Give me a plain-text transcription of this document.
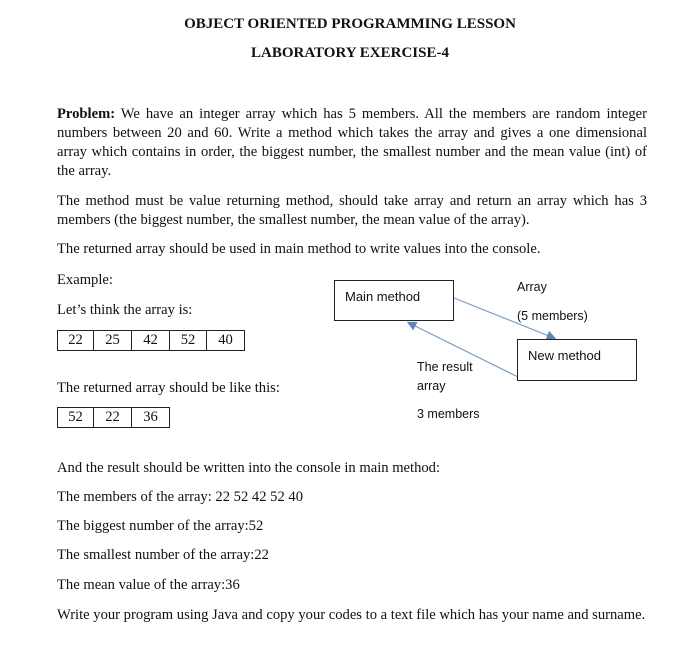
OBJECT ORIENTED PROGRAMMING LESSON
LABORATORY EXERCISE-4
Problem: We have an integer array which has 5 members. All the members are random integer numbers between 20 and 60. Write a method which takes the array and gives a one dimensional array which contains in order, the biggest number, the smallest number and the mean value (int) of the array.
The method must be value returning method, should take array and return an array which has 3 members (the biggest number, the smallest number, the mean value of the array).
The returned array should be used in main method to write values into the console.
Example:
Let’s think the array is:
22	25	42	52	40
The returned array should be like this:
52	22	36
Main method
New method
Array
(5 members)
The result
array
3 members
And the result should be written into the console in main method:
The members of the array: 22 52 42 52 40
The biggest number of the array:52
The smallest number of the array:22
The mean value of the array:36
Write your program using Java and copy your codes to a text file which has your name and surname.
